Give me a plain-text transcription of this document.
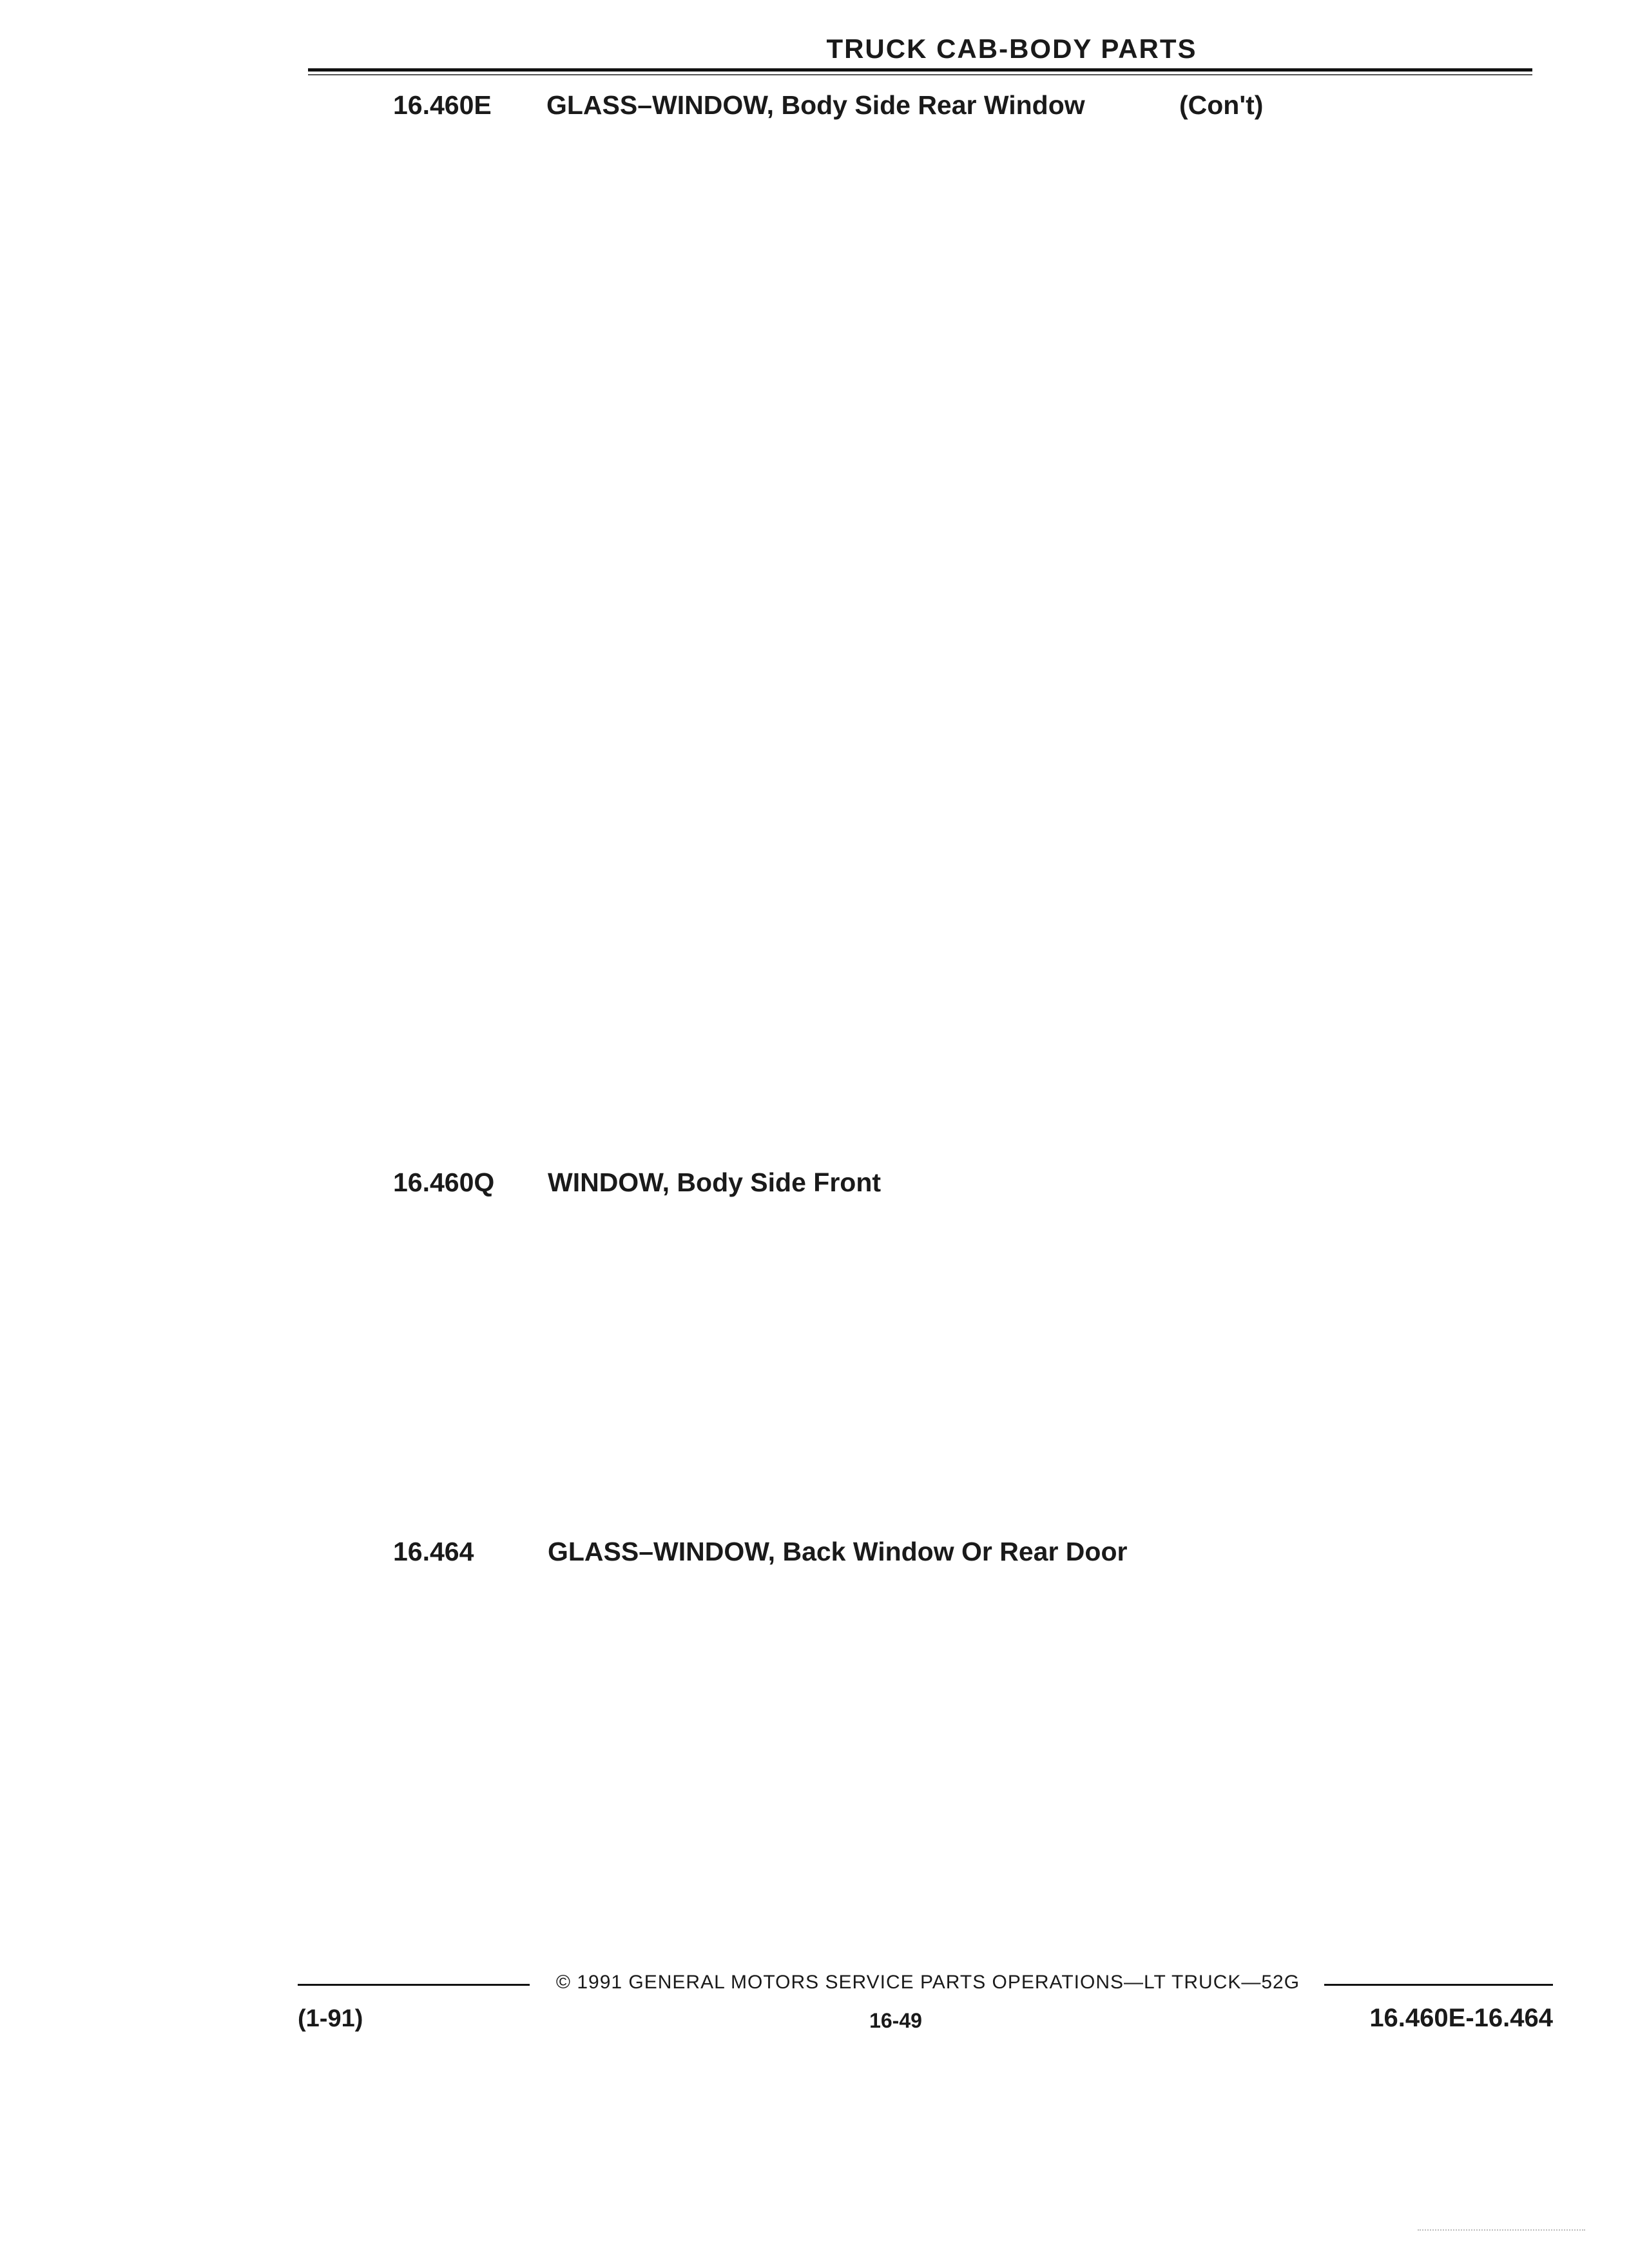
TRUCK CAB-BODY PARTS
16.460E GLASS–WINDOW, Body Side Rear Window	(Con't)
16.460Q WINDOW, Body Side Front
16.464	GLASS–WINDOW, Back Window Or Rear Door
© 1991 GENERAL MOTORS SERVICE PARTS OPERATIONS—LT TRUCK—52G
(1-91)	16-49	16.460E-16.464
